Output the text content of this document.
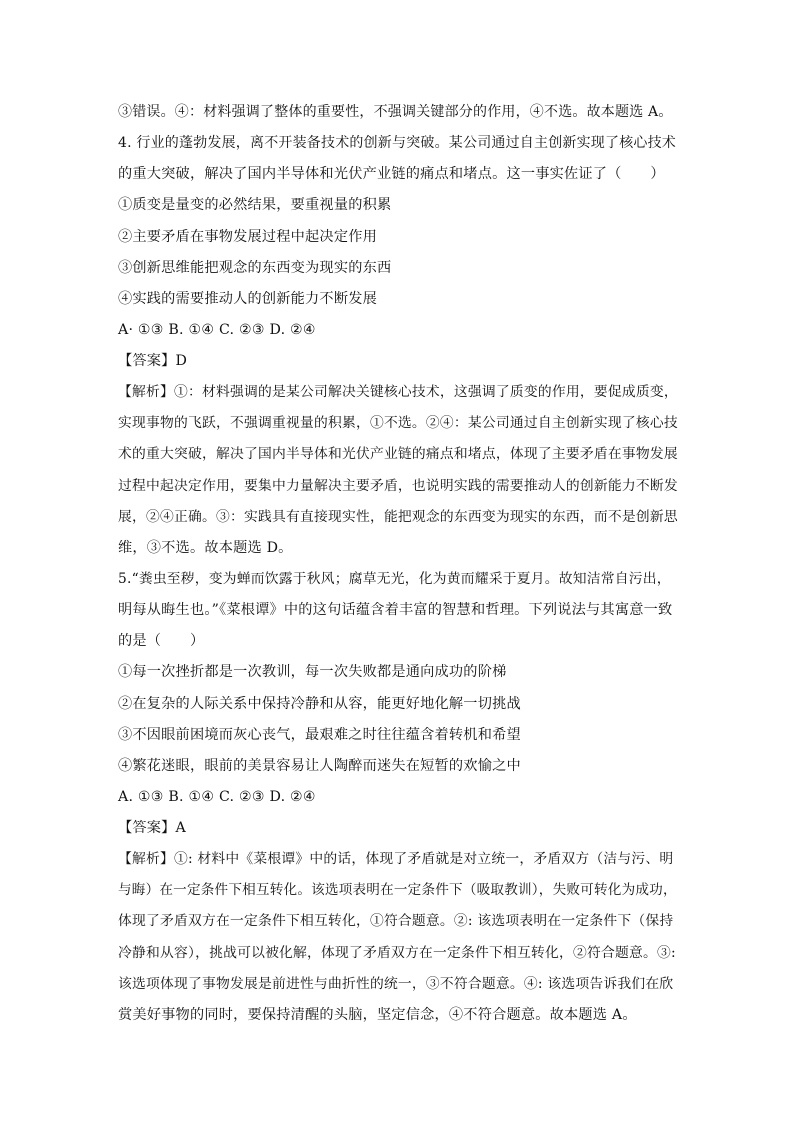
③错误。④：材料强调了整体的重要性，不强调关键部分的作用，④不选。故本题选 A。
4. 行业的蓬勃发展，离不开装备技术的创新与突破。某公司通过自主创新实现了核心技术
的重大突破，解决了国内半导体和光伏产业链的痛点和堵点。这一事实佐证了（　　）
①质变是量变的必然结果，要重视量的积累
②主要矛盾在事物发展过程中起决定作用
③创新思维能把观念的东西变为现实的东西
④实践的需要推动人的创新能力不断发展
A· ①③ B. ①④ C. ②③ D. ②④
【答案】D
【解析】①：材料强调的是某公司解决关键核心技术，这强调了质变的作用，要促成质变，
实现事物的飞跃，不强调重视量的积累，①不选。②④：某公司通过自主创新实现了核心技
术的重大突破，解决了国内半导体和光伏产业链的痛点和堵点，体现了主要矛盾在事物发展
过程中起决定作用，要集中力量解决主要矛盾，也说明实践的需要推动人的创新能力不断发
展，②④正确。③：实践具有直接现实性，能把观念的东西变为现实的东西，而不是创新思
维，③不选。故本题选 D。
5.“粪虫至秽，变为蝉而饮露于秋风；腐草无光，化为黄而耀采于夏月。故知洁常自污出，
明每从晦生也。”《菜根谭》中的这句话蕴含着丰富的智慧和哲理。下列说法与其寓意一致
的是（　　）
①每一次挫折都是一次教训，每一次失败都是通向成功的阶梯
②在复杂的人际关系中保持冷静和从容，能更好地化解一切挑战
③不因眼前困境而灰心丧气，最艰难之时往往蕴含着转机和希望
④繁花迷眼，眼前的美景容易让人陶醉而迷失在短暂的欢愉之中
A. ①③ B. ①④ C. ②③ D. ②④
【答案】A
【解析】①: 材料中《菜根谭》中的话，体现了矛盾就是对立统一，矛盾双方（洁与污、明
与晦）在一定条件下相互转化。该选项表明在一定条件下（吸取教训），失败可转化为成功，
体现了矛盾双方在一定条件下相互转化，①符合题意。②: 该选项表明在一定条件下（保持
冷静和从容），挑战可以被化解，体现了矛盾双方在一定条件下相互转化，②符合题意。③:
该选项体现了事物发展是前进性与曲折性的统一，③不符合题意。④: 该选项告诉我们在欣
赏美好事物的同时，要保持清醒的头脑，坚定信念，④不符合题意。故本题选 A。
